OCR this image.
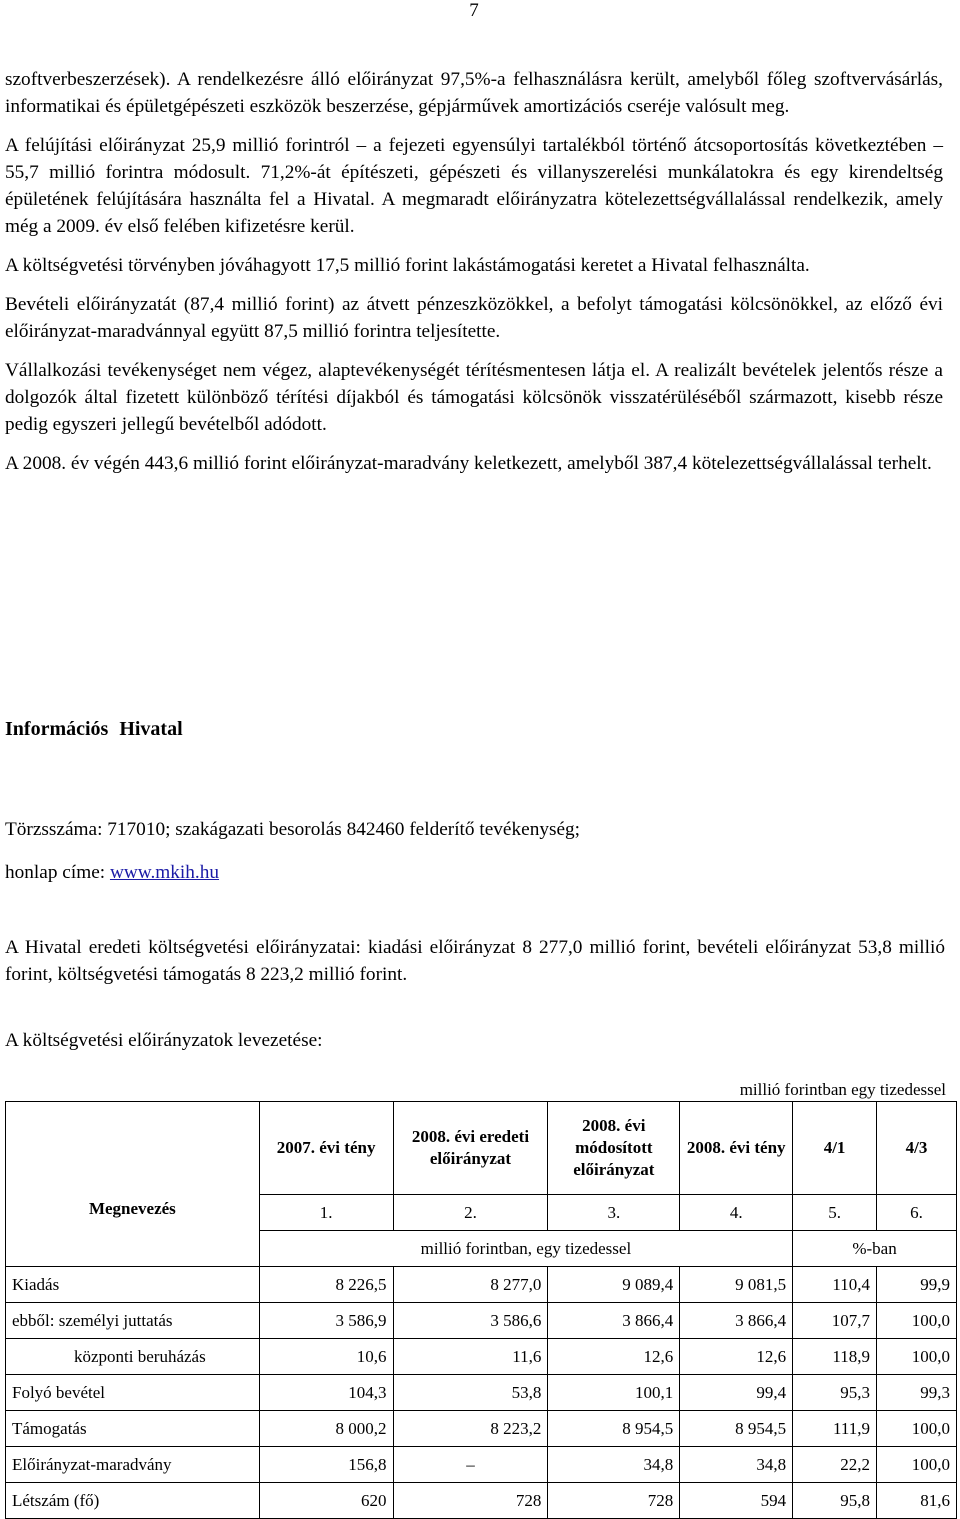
7

szoftverbeszerzések). A rendelkezésre álló előirányzat 97,5%-a felhasználásra került, amelyből főleg szoftvervásárlás, informatikai és épületgépészeti eszközök beszerzése, gépjárművek amortizációs cseréje valósult meg.

A felújítási előirányzat 25,9 millió forintról – a fejezeti egyensúlyi tartalékból történő átcsoportosítás következtében – 55,7 millió forintra módosult. 71,2%-át építészeti, gépészeti és villanyszerelési munkálatokra és egy kirendeltség épületének felújítására használta fel a Hivatal. A megmaradt előirányzatra kötelezettségvállalással rendelkezik, amely még a 2009. év első felében kifizetésre kerül.

A költségvetési törvényben jóváhagyott 17,5 millió forint lakástámogatási keretet a Hivatal felhasználta.

Bevételi előirányzatát (87,4 millió forint) az átvett pénzeszközökkel, a befolyt támogatási kölcsönökkel, az előző évi előirányzat-maradvánnyal együtt 87,5 millió forintra teljesítette.

Vállalkozási tevékenységet nem végez, alaptevékenységét térítésmentesen látja el. A realizált bevételek jelentős része a dolgozók által fizetett különböző térítési díjakból és támogatási kölcsönök visszatérüléséből származott, kisebb része pedig egyszeri jellegű bevételből adódott.

A 2008. év végén 443,6 millió forint előirányzat-maradvány keletkezett, amelyből 387,4 kötelezettségvállalással terhelt.

Információs Hivatal

Törzsszáma: 717010; szakágazati besorolás 842460 felderítő tevékenység;

honlap címe: www.mkih.hu

A Hivatal eredeti költségvetési előirányzatai: kiadási előirányzat 8 277,0 millió forint, bevételi előirányzat 53,8 millió forint, költségvetési támogatás 8 223,2 millió forint.

A költségvetési előirányzatok levezetése:

millió forintban egy tizedessel
Megnevezés	2007. évi tény	2008. évi eredeti előirányzat	2008. évi módosított előirányzat	2008. évi tény	4/1	4/3
	1.	2.	3.	4.	5.	6.
	millió forintban, egy tizedessel				%-ban	
Kiadás	8 226,5	8 277,0	9 089,4	9 081,5	110,4	99,9
ebből: személyi juttatás	3 586,9	3 586,6	3 866,4	3 866,4	107,7	100,0
központi beruházás	10,6	11,6	12,6	12,6	118,9	100,0
Folyó bevétel	104,3	53,8	100,1	99,4	95,3	99,3
Támogatás	8 000,2	8 223,2	8 954,5	8 954,5	111,9	100,0
Előirányzat-maradvány	156,8	–	34,8	34,8	22,2	100,0
Létszám (fő)	620	728	728	594	95,8	81,6
